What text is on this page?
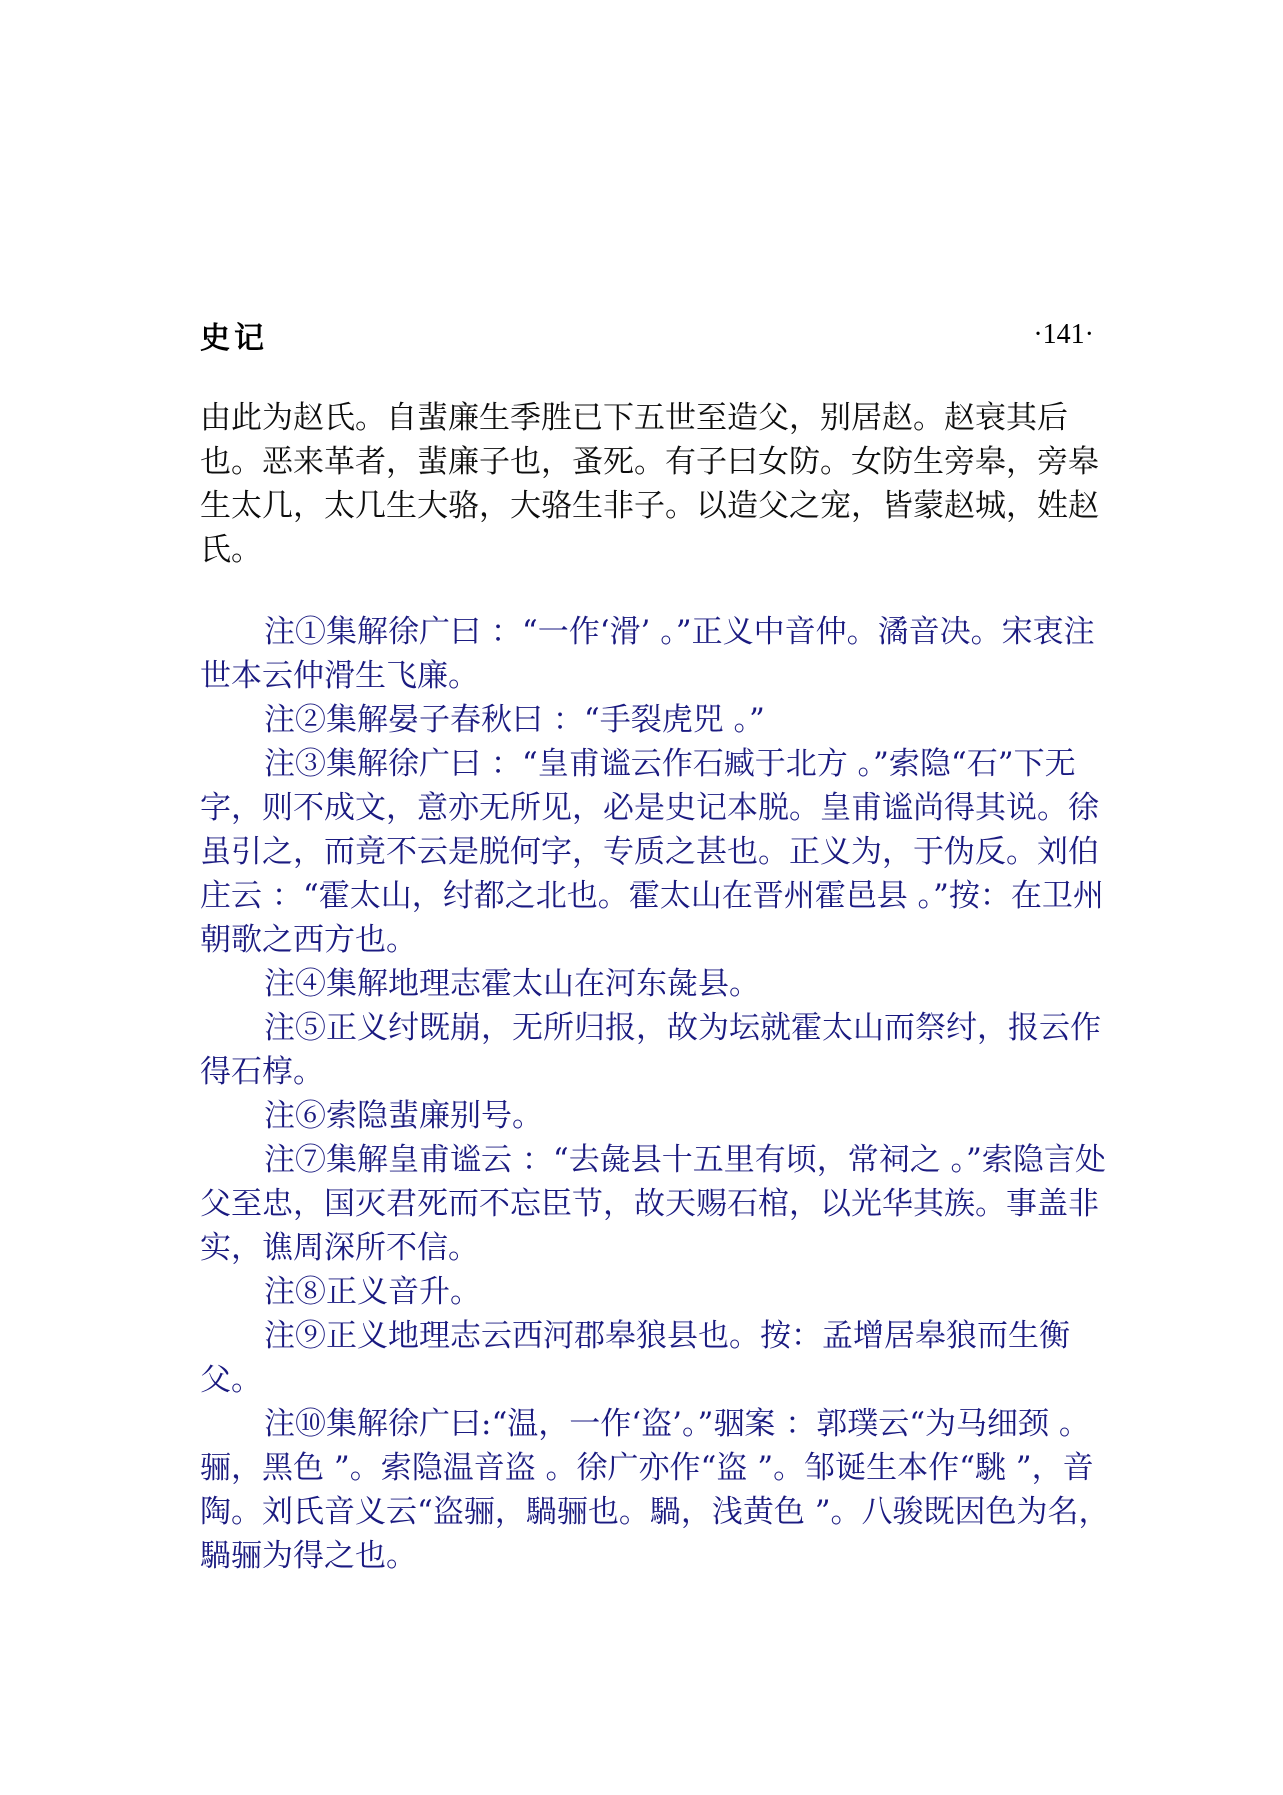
史记	·141·

由此为赵氏。自蜚廉生季胜已下五世至造父，别居赵。赵衰其后也。恶来革者，蜚廉子也，蚤死。有子曰女防。女防生旁皋，旁皋生太几，太几生大骆，大骆生非子。以造父之宠，皆蒙赵城，姓赵氏。

注①集解徐广曰 ：“一作‘滑’ 。”正义中音仲。潏音决。宋衷注世本云仲滑生飞廉。

注②集解晏子春秋曰 ：“手裂虎兕 。”

注③集解徐广曰 ：“皇甫谧云作石臧于北方 。”索隐“石”下无字，则不成文，意亦无所见，必是史记本脱。皇甫谧尚得其说。徐虽引之，而竟不云是脱何字，专质之甚也。正义为，于伪反。刘伯庄云 ：“霍太山，纣都之北也。霍太山在晋州霍邑县 。”按：在卫州朝歌之西方也。

注④集解地理志霍太山在河东彘县。

注⑤正义纣既崩，无所归报，故为坛就霍太山而祭纣，报云作得石椁。

注⑥索隐蜚廉别号。

注⑦集解皇甫谧云 ：“去彘县十五里有顷，常祠之 。”索隐言处父至忠，国灭君死而不忘臣节，故天赐石棺，以光华其族。事盖非实，谯周深所不信。

注⑧正义音升。

注⑨正义地理志云西河郡皋狼县也。按：孟增居皋狼而生衡父。

注⑩集解徐广曰:“温，一作‘盗’。”骃案 ：郭璞云“为马细颈 。骊，黑色 ”。索隐温音盗 。徐广亦作“盗 ”。邹诞生本作“駣 ”，音陶。刘氏音义云“盗骊，騧骊也。騧，浅黄色 ”。八骏既因色为名，騧骊为得之也。
